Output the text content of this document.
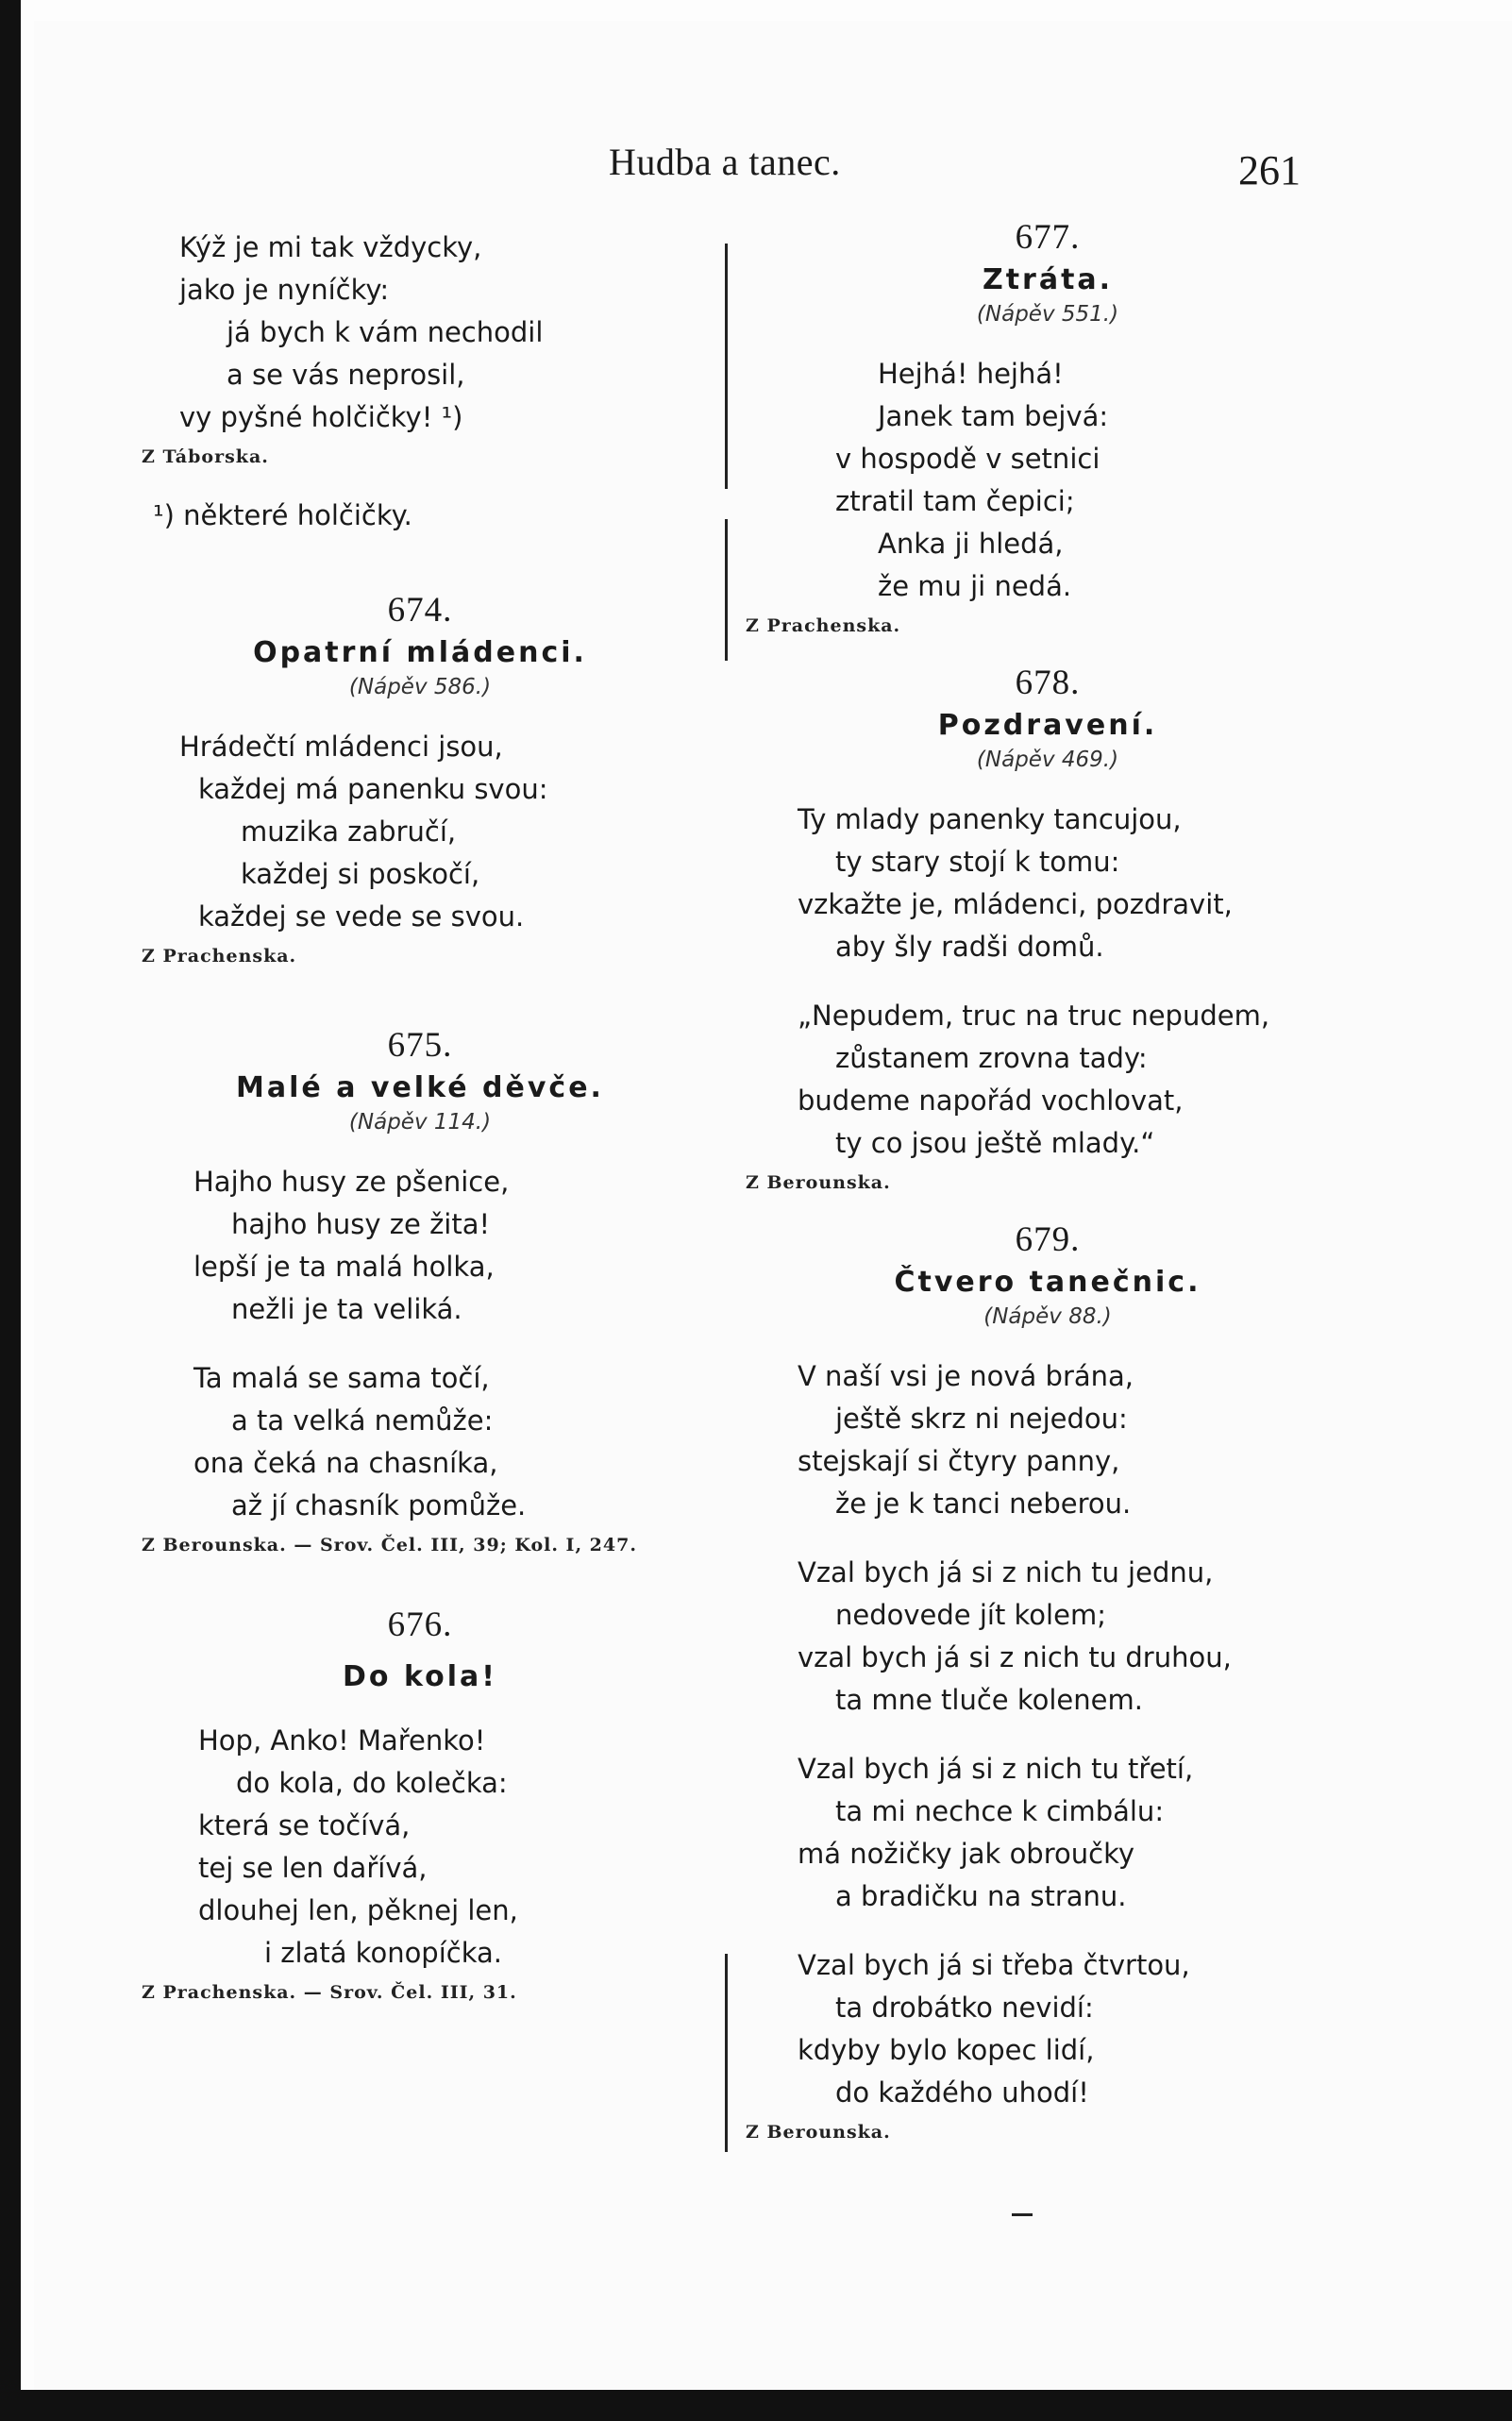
Hudba a tanec.	261
Kýž je mi tak vždycky,
jako je nyníčky:
já bych k vám nechodil
a se vás neprosil,
vy pyšné holčičky! ¹)
Z Táborska.
¹) některé holčičky.
674.
Opatrní mládenci.
(Nápěv 586.)
Hrádečtí mládenci jsou,
každej má panenku svou:
muzika zabručí,
každej si poskočí,
každej se vede se svou.
Z Prachenska.
675.
Malé a velké děvče.
(Nápěv 114.)
Hajho husy ze pšenice,
hajho husy ze žita!
lepší je ta malá holka,
nežli je ta veliká.
Ta malá se sama točí,
a ta velká nemůže:
ona čeká na chasníka,
až jí chasník pomůže.
Z Berounska. — Srov. Čel. III, 39; Kol. I, 247.
676.
Do kola!
Hop, Anko! Mařenko!
do kola, do kolečka:
která se točívá,
tej se len dařívá,
dlouhej len, pěknej len,
i zlatá konopíčka.
Z Prachenska. — Srov. Čel. III, 31.
677.
Ztráta.
(Nápěv 551.)
Hejhá! hejhá!
Janek tam bejvá:
v hospodě v setnici
ztratil tam čepici;
Anka ji hledá,
že mu ji nedá.
Z Prachenska.
678.
Pozdravení.
(Nápěv 469.)
Ty mlady panenky tancujou,
ty stary stojí k tomu:
vzkažte je, mládenci, pozdravit,
aby šly radši domů.
„Nepudem, truc na truc nepudem,
zůstanem zrovna tady:
budeme napořád vochlovat,
ty co jsou ještě mlady.“
Z Berounska.
679.
Čtvero tanečnic.
(Nápěv 88.)
V naší vsi je nová brána,
ještě skrz ni nejedou:
stejskají si čtyry panny,
že je k tanci neberou.
Vzal bych já si z nich tu jednu,
nedovede jít kolem;
vzal bych já si z nich tu druhou,
ta mne tluče kolenem.
Vzal bych já si z nich tu třetí,
ta mi nechce k cimbálu:
má nožičky jak obroučky
a bradičku na stranu.
Vzal bych já si třeba čtvrtou,
ta drobátko nevidí:
kdyby bylo kopec lidí,
do každého uhodí!
Z Berounska.
